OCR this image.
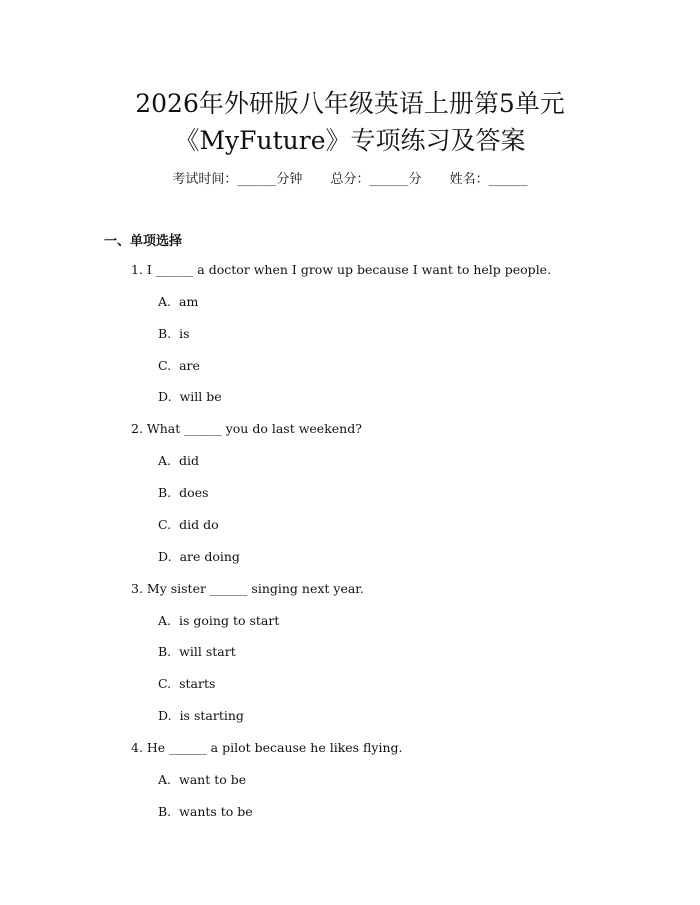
2026年外研版八年级英语上册第5单元
《MyFuture》专项练习及答案
考试时间：______分钟 总分：______分 姓名：______
一、单项选择
1. I ______ a doctor when I grow up because I want to help people.
A. am
B. is
C. are
D. will be
2. What ______ you do last weekend?
A. did
B. does
C. did do
D. are doing
3. My sister ______ singing next year.
A. is going to start
B. will start
C. starts
D. is starting
4. He ______ a pilot because he likes flying.
A. want to be
B. wants to be
